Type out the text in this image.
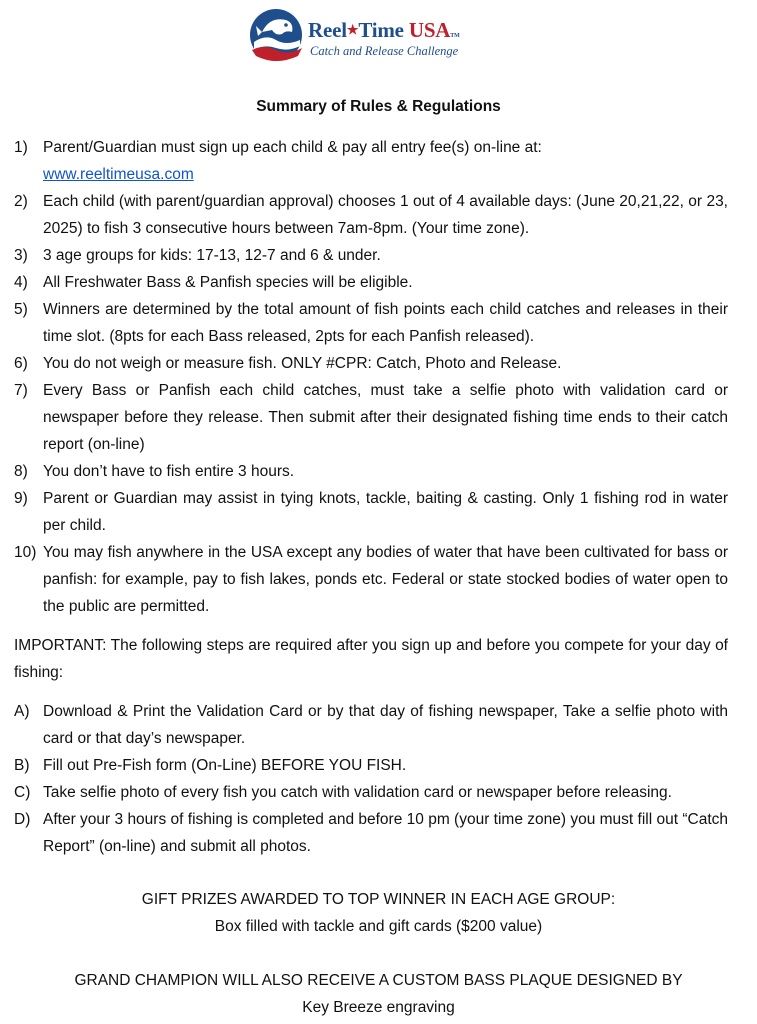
Reel★Time USATM
Catch and Release Challenge
Summary of Rules & Regulations
1) Parent/Guardian must sign up each child & pay all entry fee(s) on-line at:
www.reeltimeusa.com
2) Each child (with parent/guardian approval) chooses 1 out of 4 available days: (June 20,21,22, or 23, 2025) to fish 3 consecutive hours between 7am-8pm. (Your time zone).
3) 3 age groups for kids: 17-13, 12-7 and 6 & under.
4) All Freshwater Bass & Panfish species will be eligible.
5) Winners are determined by the total amount of fish points each child catches and releases in their time slot. (8pts for each Bass released, 2pts for each Panfish released).
6) You do not weigh or measure fish. ONLY #CPR: Catch, Photo and Release.
7) Every Bass or Panfish each child catches, must take a selfie photo with validation card or newspaper before they release. Then submit after their designated fishing time ends to their catch report (on-line)
8) You don’t have to fish entire 3 hours.
9) Parent or Guardian may assist in tying knots, tackle, baiting & casting. Only 1 fishing rod in water per child.
10) You may fish anywhere in the USA except any bodies of water that have been cultivated for bass or panfish: for example, pay to fish lakes, ponds etc. Federal or state stocked bodies of water open to the public are permitted.

IMPORTANT: The following steps are required after you sign up and before you compete for your day of fishing:

A) Download & Print the Validation Card or by that day of fishing newspaper, Take a selfie photo with card or that day’s newspaper.
B) Fill out Pre-Fish form (On-Line) BEFORE YOU FISH.
C) Take selfie photo of every fish you catch with validation card or newspaper before releasing.
D) After your 3 hours of fishing is completed and before 10 pm (your time zone) you must fill out “Catch Report” (on-line) and submit all photos.
GIFT PRIZES AWARDED TO TOP WINNER IN EACH AGE GROUP:
Box filled with tackle and gift cards ($200 value)
GRAND CHAMPION WILL ALSO RECEIVE A CUSTOM BASS PLAQUE DESIGNED BY
Key Breeze engraving
